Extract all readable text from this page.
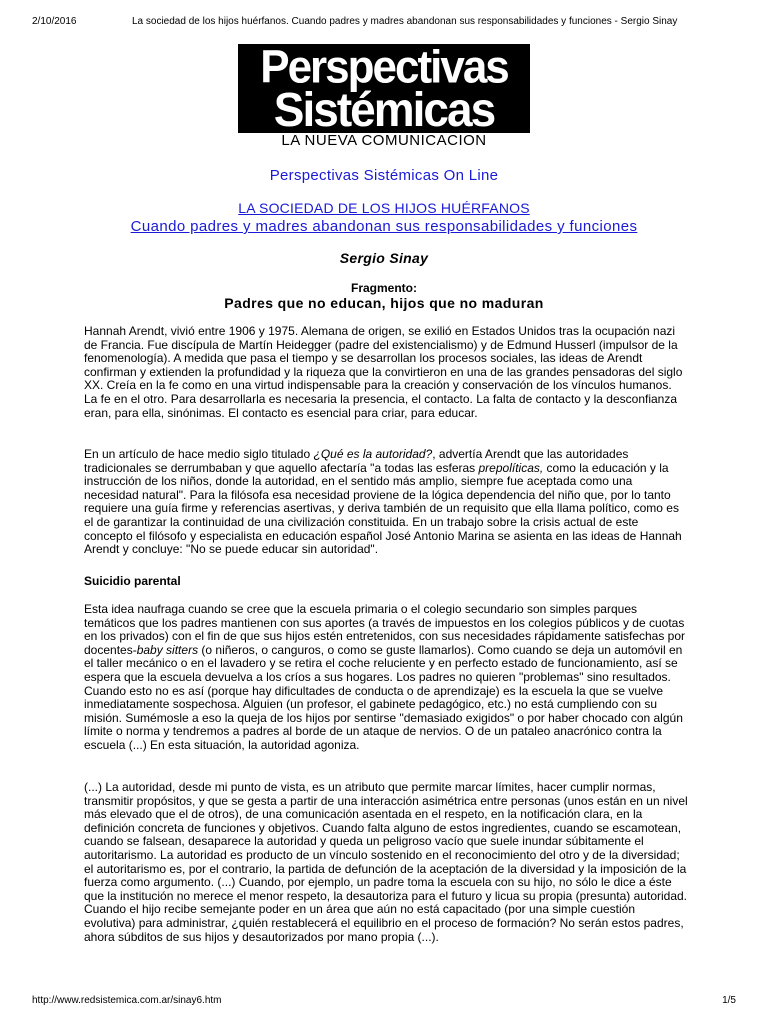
2/10/2016	La sociedad de los hijos huérfanos. Cuando padres y madres abandonan sus responsabilidades y funciones - Sergio Sinay
Perspectivas
Sistémicas
LA NUEVA COMUNICACION
Perspectivas Sistémicas On Line
LA SOCIEDAD DE LOS HIJOS HUÉRFANOS
Cuando padres y madres abandonan sus responsabilidades y funciones
Sergio Sinay
Fragmento:
Padres que no educan, hijos que no maduran

Hannah Arendt, vivió entre 1906 y 1975. Alemana de origen, se exilió en Estados Unidos tras la ocupación nazi de Francia. Fue discípula de Martín Heidegger (padre del existencialismo) y de Edmund Husserl (impulsor de la fenomenología). A medida que pasa el tiempo y se desarrollan los procesos sociales, las ideas de Arendt confirman y extienden la profundidad y la riqueza que la convirtieron en una de las grandes pensadoras del siglo XX. Creía en la fe como en una virtud indispensable para la creación y conservación de los vínculos humanos. La fe en el otro. Para desarrollarla es necesaria la presencia, el contacto. La falta de contacto y la desconfianza eran, para ella, sinónimas. El contacto es esencial para criar, para educar.

En un artículo de hace medio siglo titulado ¿Qué es la autoridad?, advertía Arendt que las autoridades tradicionales se derrumbaban y que aquello afectaría "a todas las esferas prepolíticas, como la educación y la instrucción de los niños, donde la autoridad, en el sentido más amplio, siempre fue aceptada como una necesidad natural". Para la filósofa esa necesidad proviene de la lógica dependencia del niño que, por lo tanto requiere una guía firme y referencias asertivas, y deriva también de un requisito que ella llama político, como es el de garantizar la continuidad de una civilización constituida. En un trabajo sobre la crisis actual de este concepto el filósofo y especialista en educación español José Antonio Marina se asienta en las ideas de Hannah Arendt y concluye: "No se puede educar sin autoridad".

Suicidio parental

Esta idea naufraga cuando se cree que la escuela primaria o el colegio secundario son simples parques temáticos que los padres mantienen con sus aportes (a través de impuestos en los colegios públicos y de cuotas en los privados) con el fin de que sus hijos estén entretenidos, con sus necesidades rápidamente satisfechas por docentes-baby sitters (o niñeros, o canguros, o como se guste llamarlos). Como cuando se deja un automóvil en el taller mecánico o en el lavadero y se retira el coche reluciente y en perfecto estado de funcionamiento, así se espera que la escuela devuelva a los críos a sus hogares. Los padres no quieren "problemas" sino resultados. Cuando esto no es así (porque hay dificultades de conducta o de aprendizaje) es la escuela la que se vuelve inmediatamente sospechosa. Alguien (un profesor, el gabinete pedagógico, etc.) no está cumpliendo con su misión. Sumémosle a eso la queja de los hijos por sentirse "demasiado exigidos" o por haber chocado con algún límite o norma y tendremos a padres al borde de un ataque de nervios. O de un pataleo anacrónico contra la escuela (...) En esta situación, la autoridad agoniza.

(...) La autoridad, desde mi punto de vista, es un atributo que permite marcar límites, hacer cumplir normas, transmitir propósitos, y que se gesta a partir de una interacción asimétrica entre personas (unos están en un nivel más elevado que el de otros), de una comunicación asentada en el respeto, en la notificación clara, en la definición concreta de funciones y objetivos. Cuando falta alguno de estos ingredientes, cuando se escamotean, cuando se falsean, desaparece la autoridad y queda un peligroso vacío que suele inundar súbitamente el autoritarismo. La autoridad es producto de un vínculo sostenido en el reconocimiento del otro y de la diversidad; el autoritarismo es, por el contrario, la partida de defunción de la aceptación de la diversidad y la imposición de la fuerza como argumento. (...) Cuando, por ejemplo, un padre toma la escuela con su hijo, no sólo le dice a éste que la institución no merece el menor respeto, la desautoriza para el futuro y licua su propia (presunta) autoridad. Cuando el hijo recibe semejante poder en un área que aún no está capacitado (por una simple cuestión evolutiva) para administrar, ¿quién restablecerá el equilibrio en el proceso de formación? No serán estos padres, ahora súbditos de sus hijos y desautorizados por mano propia (...).

http://www.redsistemica.com.ar/sinay6.htm	1/5
